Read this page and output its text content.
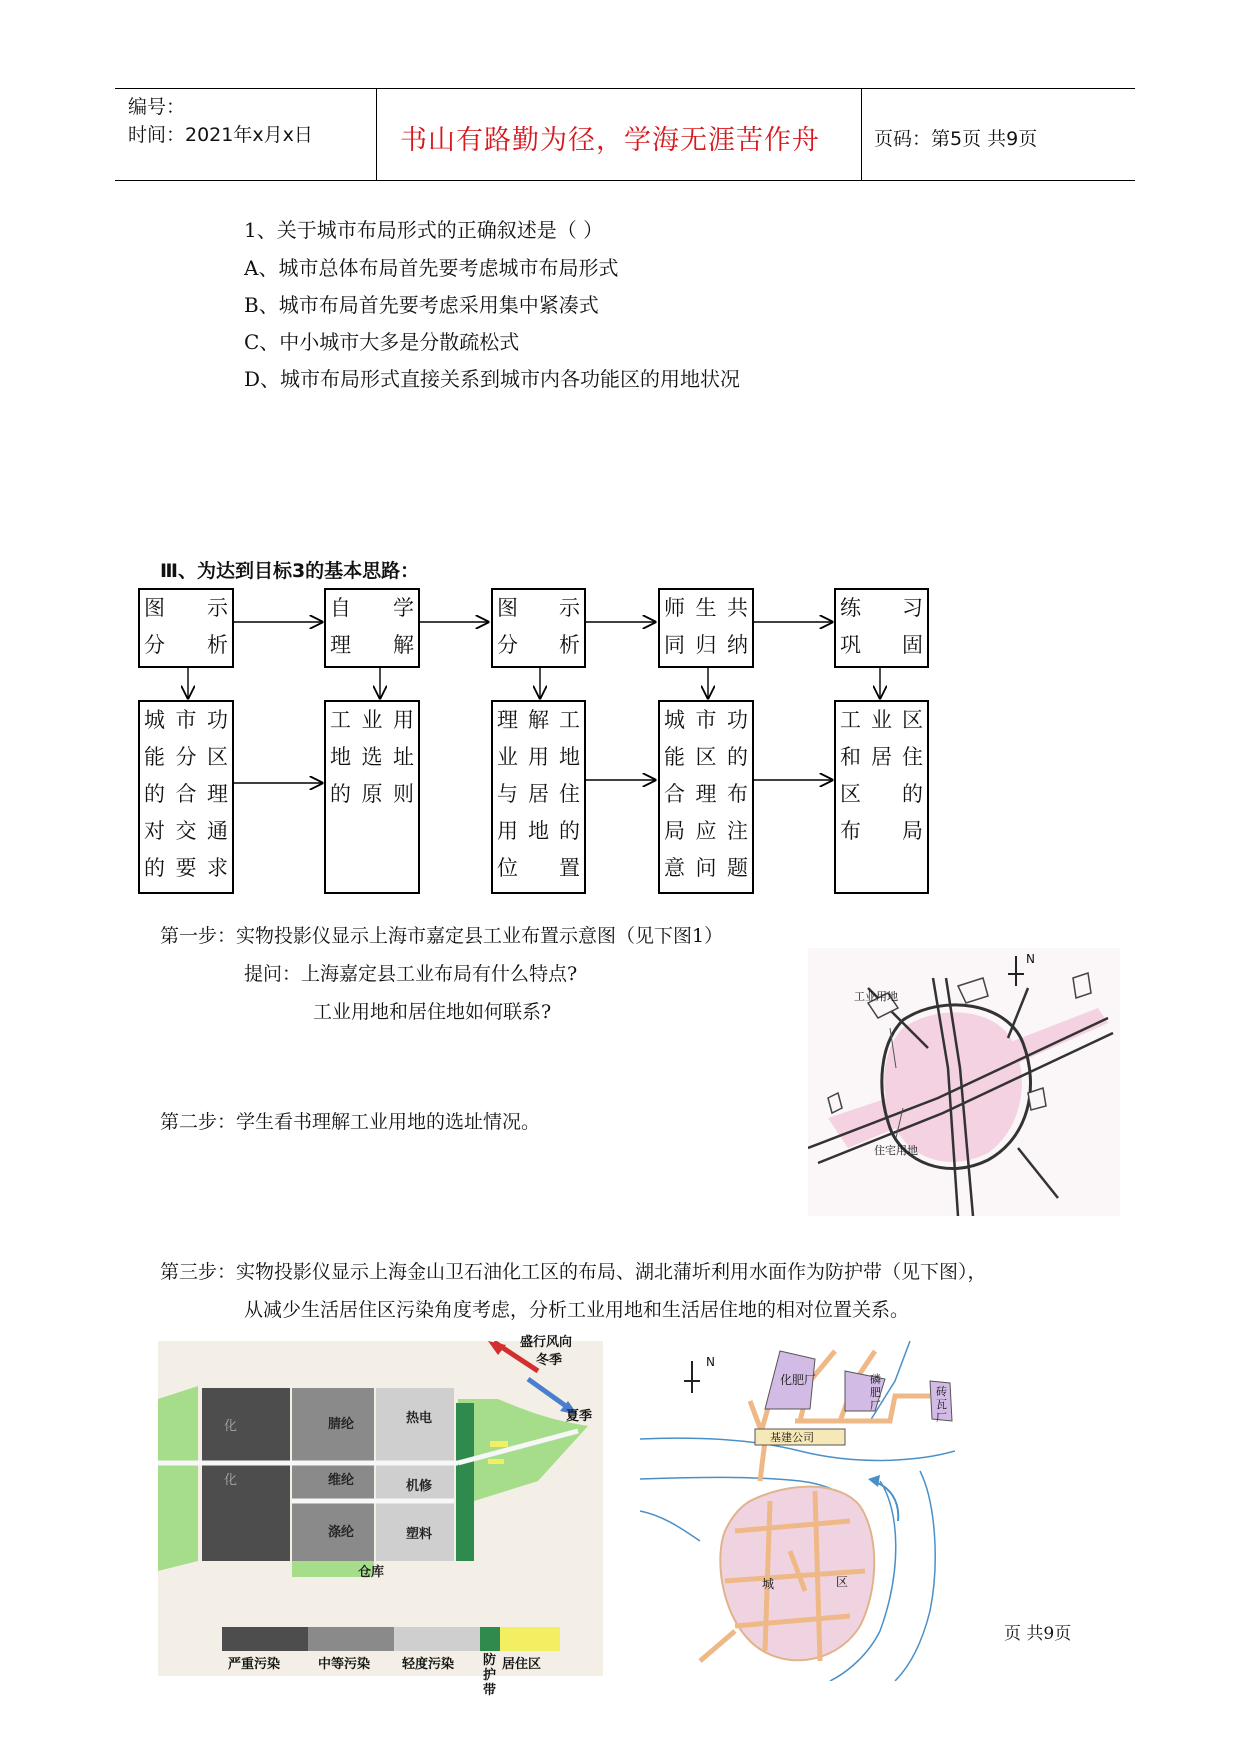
编号：
时间：2021年x月x日	书山有路勤为径，学海无涯苦作舟	页码：第5页 共9页
1、关于城市布局形式的正确叙述是（ ）
A、城市总体布局首先要考虑城市布局形式
B、城市布局首先要考虑采用集中紧凑式
C、中小城市大多是分散疏松式
D、城市布局形式直接关系到城市内各功能区的用地状况
Ⅲ、为达到目标3的基本思路：
图　示
分　析
自　学
理　解
图　示
分　析
师生共
同归纳
练　习
巩　固
城市功
能分区
的合理
对交通
的要求
工业用
地选址
的原则
理解工
业用地
与居住
用地的
位　置
城市功
能区的
合理布
局应注
意问题
工业区
和居住
区　的
布　局
第一步：实物投影仪显示上海市嘉定县工业布置示意图（见下图1）
提问：上海嘉定县工业布局有什么特点?
工业用地和居住地如何联系?
第二步：学生看书理解工业用地的选址情况。
第三步：实物投影仪显示上海金山卫石油化工区的布局、湖北蒲圻利用水面作为防护带（见下图），
从减少生活居住区污染角度考虑，分析工业用地和生活居住地的相对位置关系。
N
工业用地
住宅用地
盛行风向
冬季
夏季
腈纶	热电
维纶	机修
涤纶	塑料
仓库
化
化
严重污染	中等污染 轻度污染 防护带
居住区
N
化肥厂	磷肥厂
砖瓦厂
基建公司
城	区
页 共9页
